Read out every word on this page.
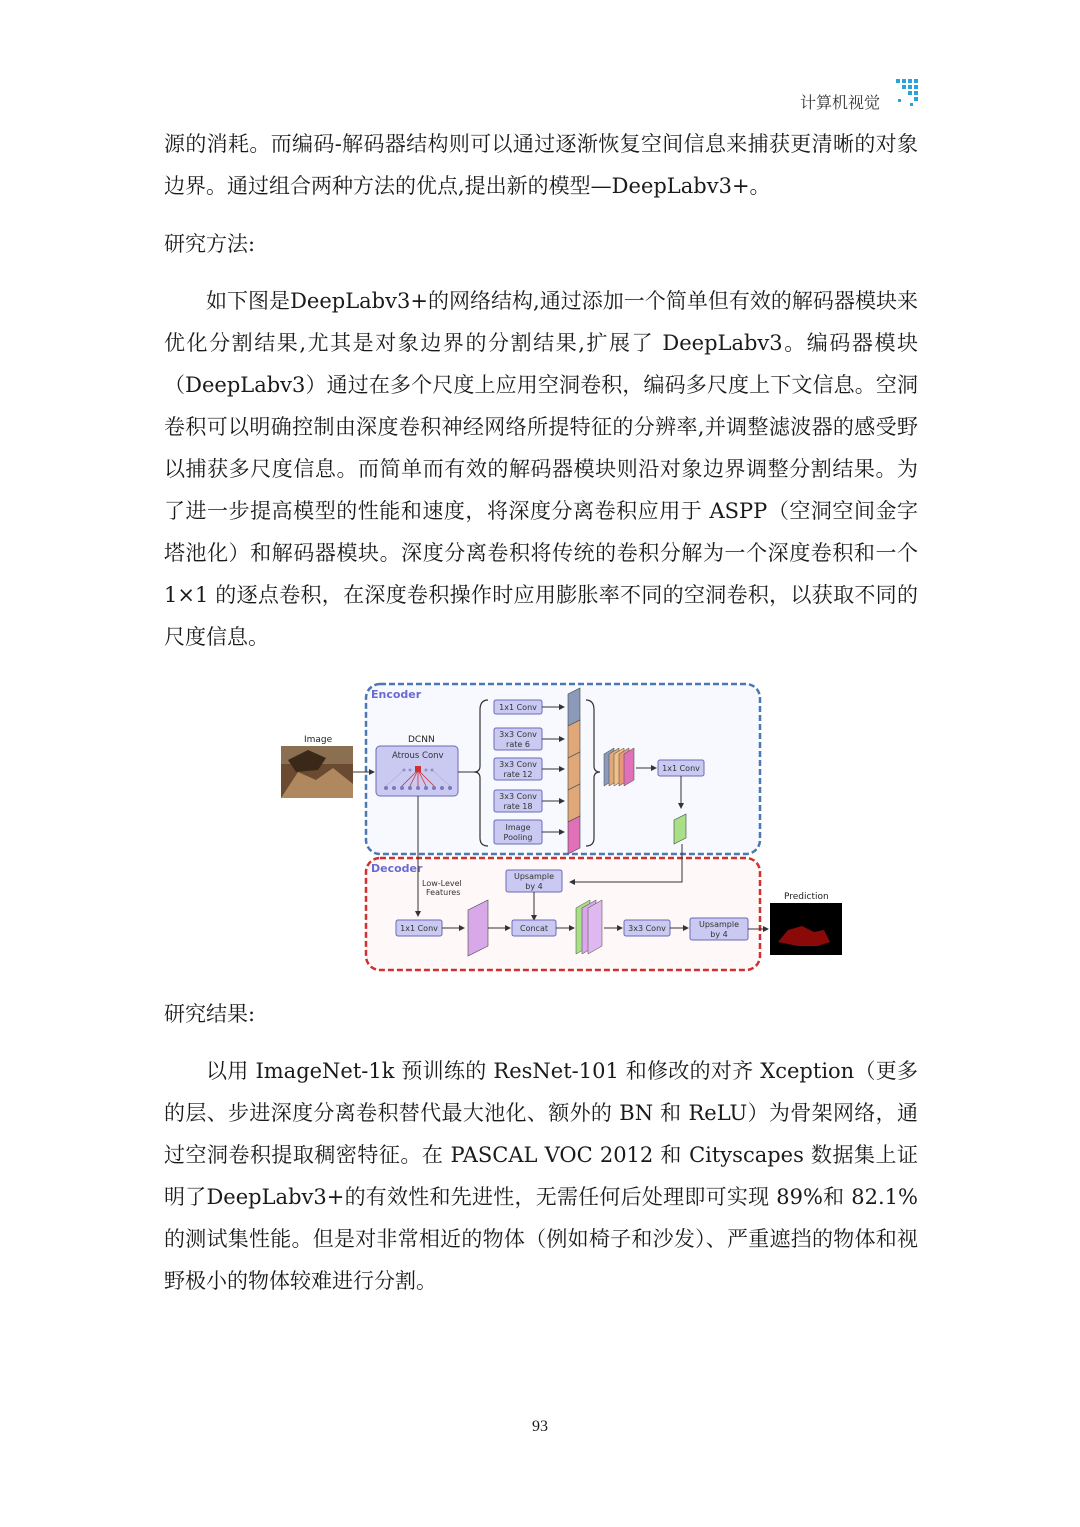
计算机视觉

源的消耗。而编码-解码器结构则可以通过逐渐恢复空间信息来捕获更清晰的对象边界。通过组合两种方法的优点,提出新的模型—DeepLabv3+。

研究方法:

如下图是DeepLabv3+的网络结构,通过添加一个简单但有效的解码器模块来优化分割结果,尤其是对象边界的分割结果,扩展了 DeepLabv3。编码器模块（DeepLabv3）通过在多个尺度上应用空洞卷积，编码多尺度上下文信息。空洞卷积可以明确控制由深度卷积神经网络所提特征的分辨率,并调整滤波器的感受野以捕获多尺度信息。而简单而有效的解码器模块则沿对象边界调整分割结果。为了进一步提高模型的性能和速度，将深度分离卷积应用于 ASPP（空洞空间金字塔池化）和解码器模块。深度分离卷积将传统的卷积分解为一个深度卷积和一个 1×1 的逐点卷积，在深度卷积操作时应用膨胀率不同的空洞卷积，以获取不同的尺度信息。

Encoder
Decoder
Image	DCNN
Atrous Conv
1x1 Conv
3x3 Conv
rate 6
3x3 Conv
rate 12
3x3 Conv
rate 18
Image
Pooling
1x1 Conv
Low-Level
Features
Upsample
by 4
1x1 Conv	Concat	3x3 Conv	Upsample
by 4
Prediction

研究结果:

以用 ImageNet-1k 预训练的 ResNet-101 和修改的对齐 Xception（更多的层、步进深度分离卷积替代最大池化、额外的 BN 和 ReLU）为骨架网络，通过空洞卷积提取稠密特征。在 PASCAL VOC 2012 和 Cityscapes 数据集上证明了DeepLabv3+的有效性和先进性，无需任何后处理即可实现 89%和 82.1%的测试集性能。但是对非常相近的物体（例如椅子和沙发）、严重遮挡的物体和视野极小的物体较难进行分割。

93
